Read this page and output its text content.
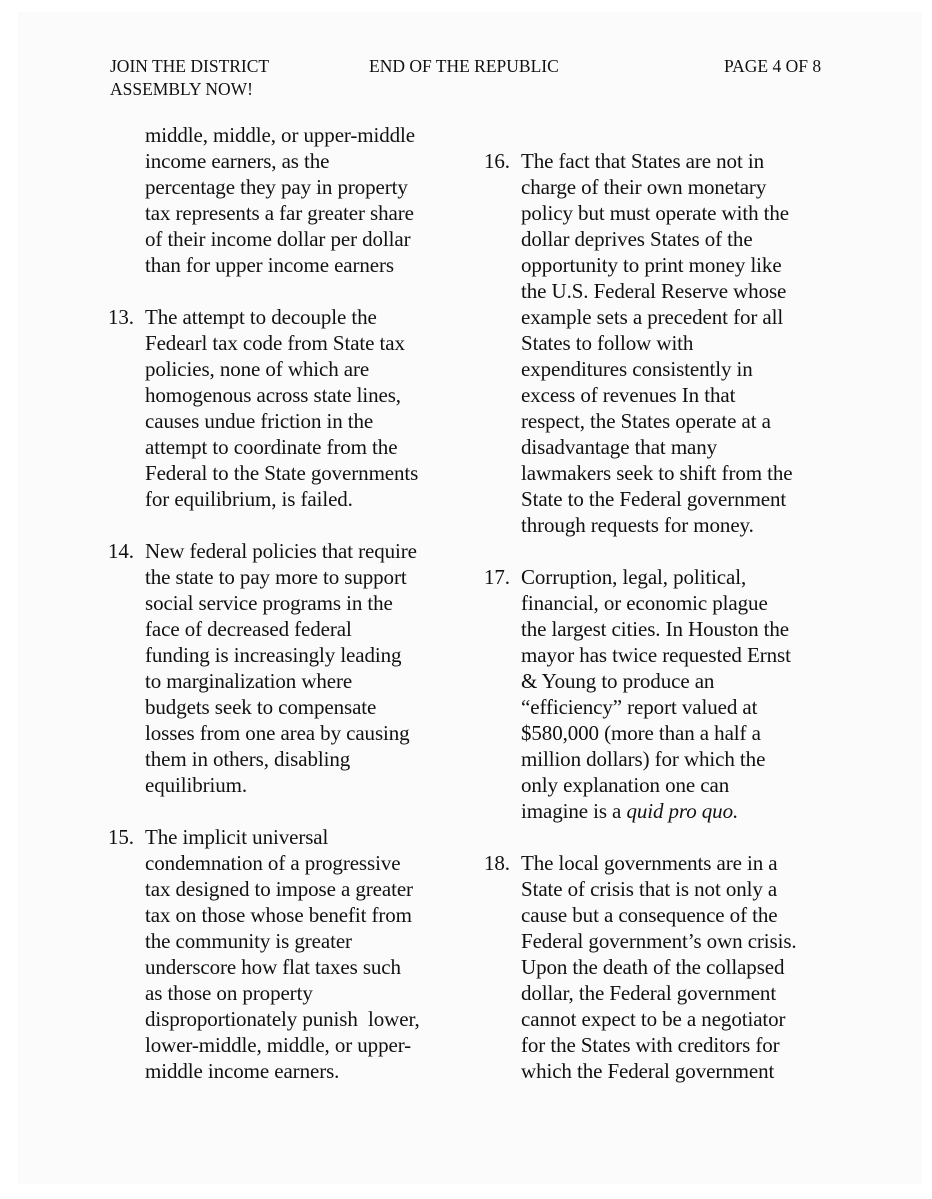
JOIN THE DISTRICT
ASSEMBLY NOW!
END OF THE REPUBLIC	PAGE 4 OF 8
middle, middle, or upper-middle
income earners, as the
percentage they pay in property
tax represents a far greater share
of their income dollar per dollar
than for upper income earners
13. The attempt to decouple the
Fedearl tax code from State tax
policies, none of which are
homogenous across state lines,
causes undue friction in the
attempt to coordinate from the
Federal to the State governments
for equilibrium, is failed.
14. New federal policies that require
the state to pay more to support
social service programs in the
face of decreased federal
funding is increasingly leading
to marginalization where
budgets seek to compensate
losses from one area by causing
them in others, disabling
equilibrium.
15. The implicit universal
condemnation of a progressive
tax designed to impose a greater
tax on those whose benefit from
the community is greater
underscore how flat taxes such
as those on property
disproportionately punish  lower,
lower-middle, middle, or upper-
middle income earners.
16. The fact that States are not in
charge of their own monetary
policy but must operate with the
dollar deprives States of the
opportunity to print money like
the U.S. Federal Reserve whose
example sets a precedent for all
States to follow with
expenditures consistently in
excess of revenues In that
respect, the States operate at a
disadvantage that many
lawmakers seek to shift from the
State to the Federal government
through requests for money.
17. Corruption, legal, political,
financial, or economic plague
the largest cities. In Houston the
mayor has twice requested Ernst
& Young to produce an
“efficiency” report valued at
$580,000 (more than a half a
million dollars) for which the
only explanation one can
imagine is a quid pro quo.
18. The local governments are in a
State of crisis that is not only a
cause but a consequence of the
Federal government’s own crisis.
Upon the death of the collapsed
dollar, the Federal government
cannot expect to be a negotiator
for the States with creditors for
which the Federal government
